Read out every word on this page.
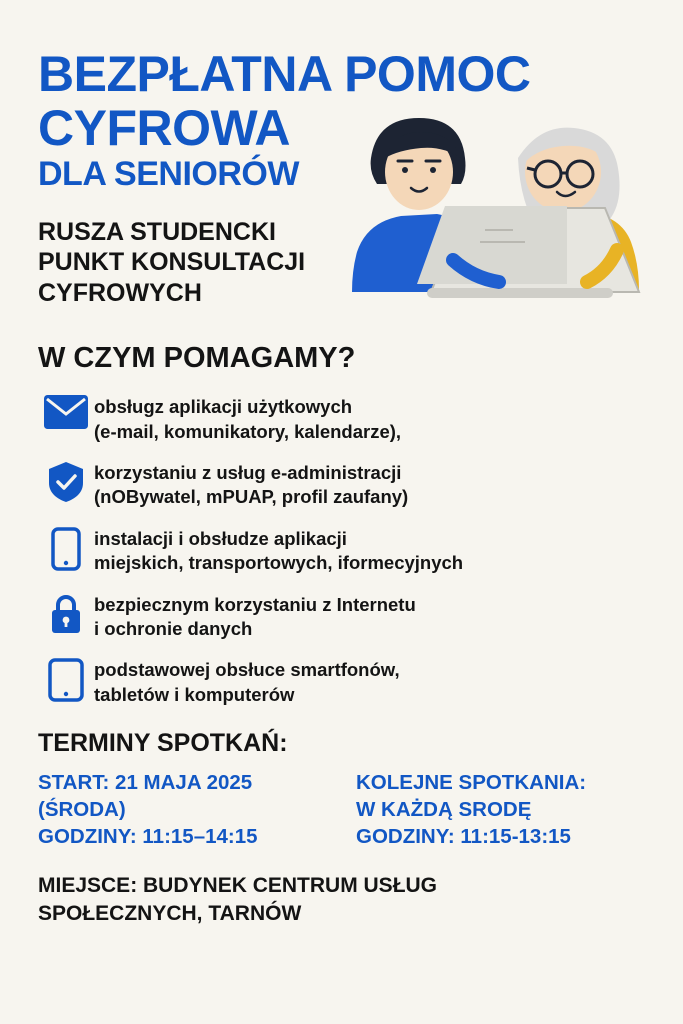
BEZPŁATNA POMOC
CYFROWA
DLA SENIORÓW
RUSZA STUDENCKI PUNKT KONSULTACJI CYFROWYCH
W CZYM POMAGAMY?
obsługz aplikacji użytkowych
(e-mail, komunikatory, kalendarze),
korzystaniu z usług e-administracji
(nOBywatel, mPUAP, profil zaufany)
instalacji i obsłudze aplikacji
miejskich, transportowych, iformecyjnych
bezpiecznym korzystaniu z Internetu
i ochronie danych
podstawowej obsłuce smartfonów,
tabletów i komputerów
TERMINY SPOTKAŃ:
START: 21 MAJA 2025
(ŚRODA)
GODZINY: 11:15–14:15
KOLEJNE SPOTKANIA:
W KAŻDĄ SRODĘ
GODZINY: 11:15-13:15
MIEJSCE: BUDYNEK CENTRUM USŁUG
SPOŁECZNYCH, TARNÓW
